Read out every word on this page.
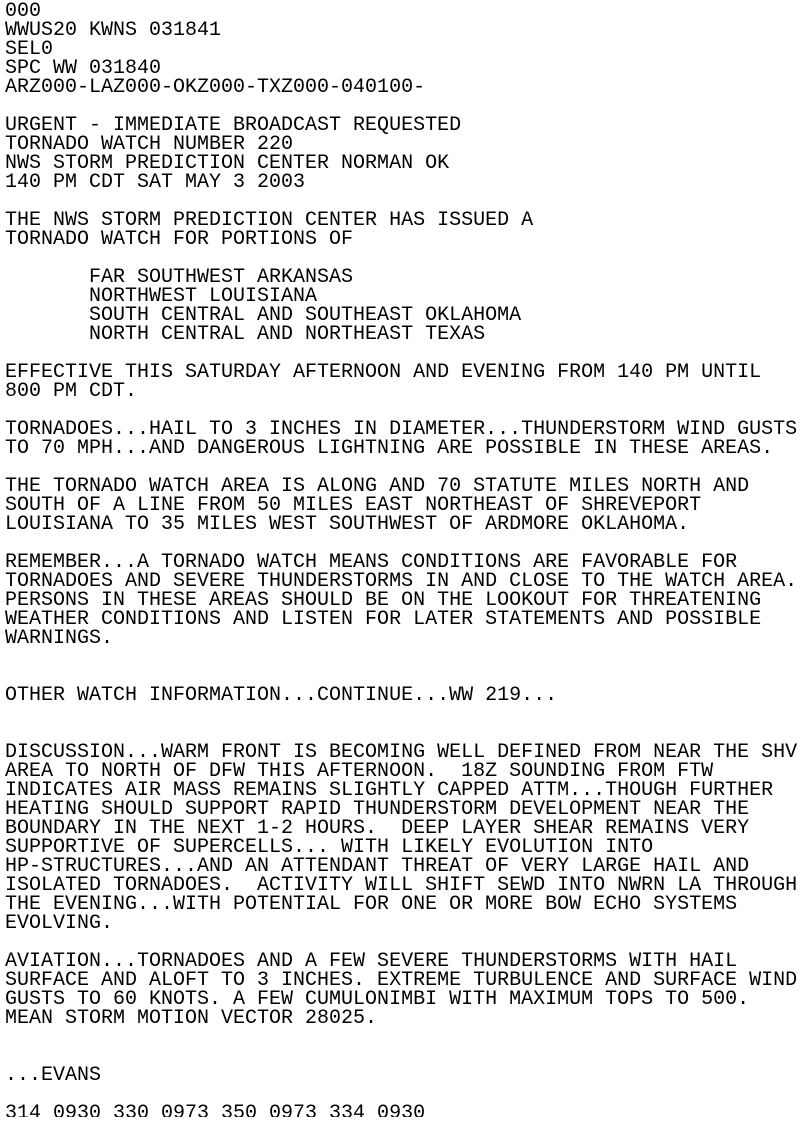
000
WWUS20 KWNS 031841
SEL0
SPC WW 031840
ARZ000-LAZ000-OKZ000-TXZ000-040100-
URGENT - IMMEDIATE BROADCAST REQUESTED
TORNADO WATCH NUMBER 220
NWS STORM PREDICTION CENTER NORMAN OK
140 PM CDT SAT MAY 3 2003
THE NWS STORM PREDICTION CENTER HAS ISSUED A
TORNADO WATCH FOR PORTIONS OF
FAR SOUTHWEST ARKANSAS
NORTHWEST LOUISIANA
SOUTH CENTRAL AND SOUTHEAST OKLAHOMA
NORTH CENTRAL AND NORTHEAST TEXAS
EFFECTIVE THIS SATURDAY AFTERNOON AND EVENING FROM 140 PM UNTIL
800 PM CDT.
TORNADOES...HAIL TO 3 INCHES IN DIAMETER...THUNDERSTORM WIND GUSTS
TO 70 MPH...AND DANGEROUS LIGHTNING ARE POSSIBLE IN THESE AREAS.
THE TORNADO WATCH AREA IS ALONG AND 70 STATUTE MILES NORTH AND
SOUTH OF A LINE FROM 50 MILES EAST NORTHEAST OF SHREVEPORT
LOUISIANA TO 35 MILES WEST SOUTHWEST OF ARDMORE OKLAHOMA.
REMEMBER...A TORNADO WATCH MEANS CONDITIONS ARE FAVORABLE FOR
TORNADOES AND SEVERE THUNDERSTORMS IN AND CLOSE TO THE WATCH AREA.
PERSONS IN THESE AREAS SHOULD BE ON THE LOOKOUT FOR THREATENING
WEATHER CONDITIONS AND LISTEN FOR LATER STATEMENTS AND POSSIBLE
WARNINGS.
OTHER WATCH INFORMATION...CONTINUE...WW 219...
DISCUSSION...WARM FRONT IS BECOMING WELL DEFINED FROM NEAR THE SHV
AREA TO NORTH OF DFW THIS AFTERNOON.  18Z SOUNDING FROM FTW
INDICATES AIR MASS REMAINS SLIGHTLY CAPPED ATTM...THOUGH FURTHER
HEATING SHOULD SUPPORT RAPID THUNDERSTORM DEVELOPMENT NEAR THE
BOUNDARY IN THE NEXT 1-2 HOURS.  DEEP LAYER SHEAR REMAINS VERY
SUPPORTIVE OF SUPERCELLS... WITH LIKELY EVOLUTION INTO
HP-STRUCTURES...AND AN ATTENDANT THREAT OF VERY LARGE HAIL AND
ISOLATED TORNADOES.  ACTIVITY WILL SHIFT SEWD INTO NWRN LA THROUGH
THE EVENING...WITH POTENTIAL FOR ONE OR MORE BOW ECHO SYSTEMS
EVOLVING.
AVIATION...TORNADOES AND A FEW SEVERE THUNDERSTORMS WITH HAIL
SURFACE AND ALOFT TO 3 INCHES. EXTREME TURBULENCE AND SURFACE WIND
GUSTS TO 60 KNOTS. A FEW CUMULONIMBI WITH MAXIMUM TOPS TO 500.
MEAN STORM MOTION VECTOR 28025.
...EVANS
314 0930 330 0973 350 0973 334 0930
